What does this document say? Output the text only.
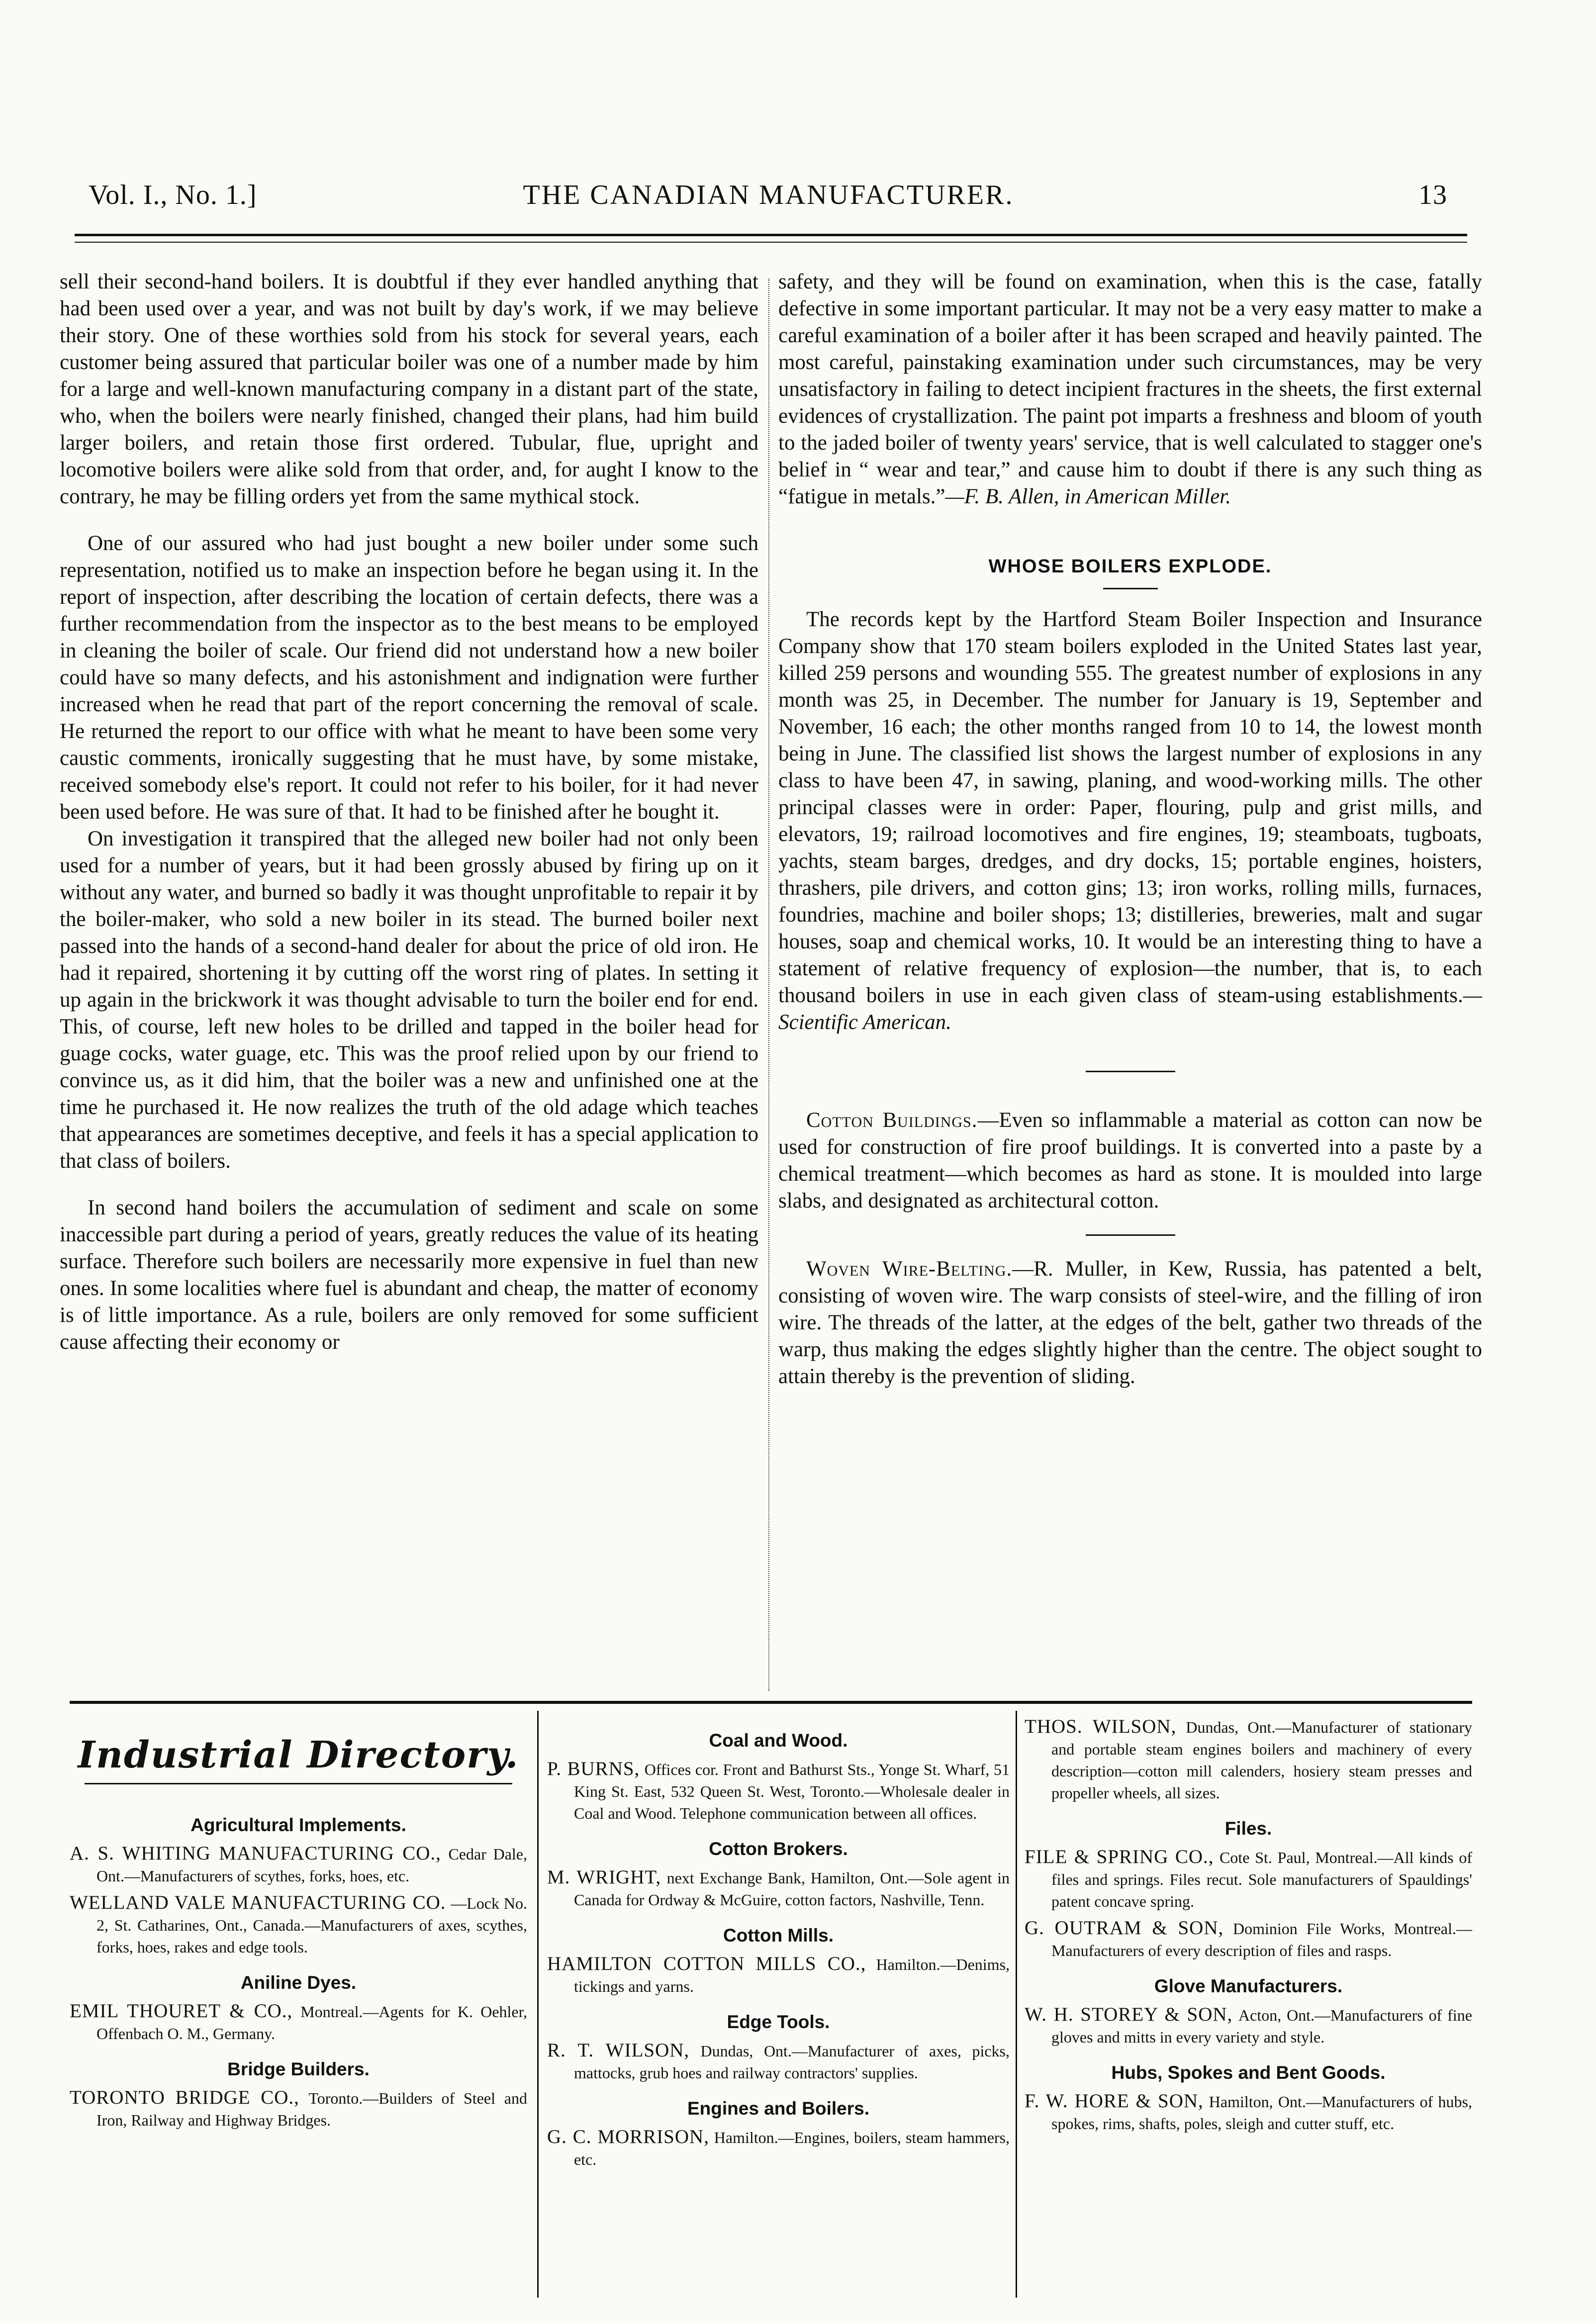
Vol. I., No. 1.]	THE CANADIAN MANUFACTURER.	13

sell their second-hand boilers. It is doubtful if they ever handled anything that had been used over a year, and was not built by day's work, if we may believe their story. One of these worthies sold from his stock for several years, each customer being assured that particular boiler was one of a number made by him for a large and well-known manufacturing company in a distant part of the state, who, when the boilers were nearly finished, changed their plans, had him build larger boilers, and retain those first ordered. Tubular, flue, upright and locomotive boilers were alike sold from that order, and, for aught I know to the contrary, he may be filling orders yet from the same mythical stock.

One of our assured who had just bought a new boiler under some such representation, notified us to make an inspection before he began using it. In the report of inspection, after describing the location of certain defects, there was a further recommendation from the inspector as to the best means to be employed in cleaning the boiler of scale. Our friend did not understand how a new boiler could have so many defects, and his astonishment and indignation were further increased when he read that part of the report concerning the removal of scale. He returned the report to our office with what he meant to have been some very caustic comments, ironically suggesting that he must have, by some mistake, received somebody else's report. It could not refer to his boiler, for it had never been used before. He was sure of that. It had to be finished after he bought it.

On investigation it transpired that the alleged new boiler had not only been used for a number of years, but it had been grossly abused by firing up on it without any water, and burned so badly it was thought unprofitable to repair it by the boiler-maker, who sold a new boiler in its stead. The burned boiler next passed into the hands of a second-hand dealer for about the price of old iron. He had it repaired, shortening it by cutting off the worst ring of plates. In setting it up again in the brickwork it was thought advisable to turn the boiler end for end. This, of course, left new holes to be drilled and tapped in the boiler head for guage cocks, water guage, etc. This was the proof relied upon by our friend to convince us, as it did him, that the boiler was a new and unfinished one at the time he purchased it. He now realizes the truth of the old adage which teaches that appearances are sometimes deceptive, and feels it has a special application to that class of boilers.

In second hand boilers the accumulation of sediment and scale on some inaccessible part during a period of years, greatly reduces the value of its heating surface. Therefore such boilers are necessarily more expensive in fuel than new ones. In some localities where fuel is abundant and cheap, the matter of economy is of little importance. As a rule, boilers are only removed for some sufficient cause affecting their economy or

safety, and they will be found on examination, when this is the case, fatally defective in some important particular. It may not be a very easy matter to make a careful examination of a boiler after it has been scraped and heavily painted. The most careful, painstaking examination under such circumstances, may be very unsatisfactory in failing to detect incipient fractures in the sheets, the first external evidences of crystallization. The paint pot imparts a freshness and bloom of youth to the jaded boiler of twenty years' service, that is well calculated to stagger one's belief in “ wear and tear,” and cause him to doubt if there is any such thing as “fatigue in metals.”—F. B. Allen, in American Miller.

WHOSE BOILERS EXPLODE.

The records kept by the Hartford Steam Boiler Inspection and Insurance Company show that 170 steam boilers exploded in the United States last year, killed 259 persons and wounding 555. The greatest number of explosions in any month was 25, in December. The number for January is 19, September and November, 16 each; the other months ranged from 10 to 14, the lowest month being in June. The classified list shows the largest number of explosions in any class to have been 47, in sawing, planing, and wood-working mills. The other principal classes were in order: Paper, flouring, pulp and grist mills, and elevators, 19; railroad locomotives and fire engines, 19; steamboats, tugboats, yachts, steam barges, dredges, and dry docks, 15; portable engines, hoisters, thrashers, pile drivers, and cotton gins; 13; iron works, rolling mills, furnaces, foundries, machine and boiler shops; 13; distilleries, breweries, malt and sugar houses, soap and chemical works, 10. It would be an interesting thing to have a statement of relative frequency of explosion—the number, that is, to each thousand boilers in use in each given class of steam-using establishments.—Scientific American.

Cotton Buildings.—Even so inflammable a material as cotton can now be used for construction of fire proof buildings. It is converted into a paste by a chemical treatment—which becomes as hard as stone. It is moulded into large slabs, and designated as architectural cotton.

Woven Wire-Belting.—R. Muller, in Kew, Russia, has patented a belt, consisting of woven wire. The warp consists of steel-wire, and the filling of iron wire. The threads of the latter, at the edges of the belt, gather two threads of the warp, thus making the edges slightly higher than the centre. The object sought to attain thereby is the prevention of sliding.

Industrial Directory.
Agricultural Implements.
A. S. WHITING MANUFACTURING CO., Cedar Dale, Ont.—Manufacturers of scythes, forks, hoes, etc.
WELLAND VALE MANUFACTURING CO. —Lock No. 2, St. Catharines, Ont., Canada.—Manufacturers of axes, scythes, forks, hoes, rakes and edge tools.
Aniline Dyes.
EMIL THOURET & CO., Montreal.—Agents for K. Oehler, Offenbach O. M., Germany.
Bridge Builders.
TORONTO BRIDGE CO., Toronto.—Builders of Steel and Iron, Railway and Highway Bridges.
Coal and Wood.
P. BURNS, Offices cor. Front and Bathurst Sts., Yonge St. Wharf, 51 King St. East, 532 Queen St. West, Toronto.—Wholesale dealer in Coal and Wood. Telephone communication between all offices.
Cotton Brokers.
M. WRIGHT, next Exchange Bank, Hamilton, Ont.—Sole agent in Canada for Ordway & McGuire, cotton factors, Nashville, Tenn.
Cotton Mills.
HAMILTON COTTON MILLS CO., Hamilton.—Denims, tickings and yarns.
Edge Tools.
R. T. WILSON, Dundas, Ont.—Manufacturer of axes, picks, mattocks, grub hoes and railway contractors' supplies.
Engines and Boilers.
G. C. MORRISON, Hamilton.—Engines, boilers, steam hammers, etc.
THOS. WILSON, Dundas, Ont.—Manufacturer of stationary and portable steam engines boilers and machinery of every description—cotton mill calenders, hosiery steam presses and propeller wheels, all sizes.
Files.
FILE & SPRING CO., Cote St. Paul, Montreal.—All kinds of files and springs. Files recut. Sole manufacturers of Spauldings' patent concave spring.
G. OUTRAM & SON, Dominion File Works, Montreal.—Manufacturers of every description of files and rasps.
Glove Manufacturers.
W. H. STOREY & SON, Acton, Ont.—Manufacturers of fine gloves and mitts in every variety and style.
Hubs, Spokes and Bent Goods.
F. W. HORE & SON, Hamilton, Ont.—Manufacturers of hubs, spokes, rims, shafts, poles, sleigh and cutter stuff, etc.
